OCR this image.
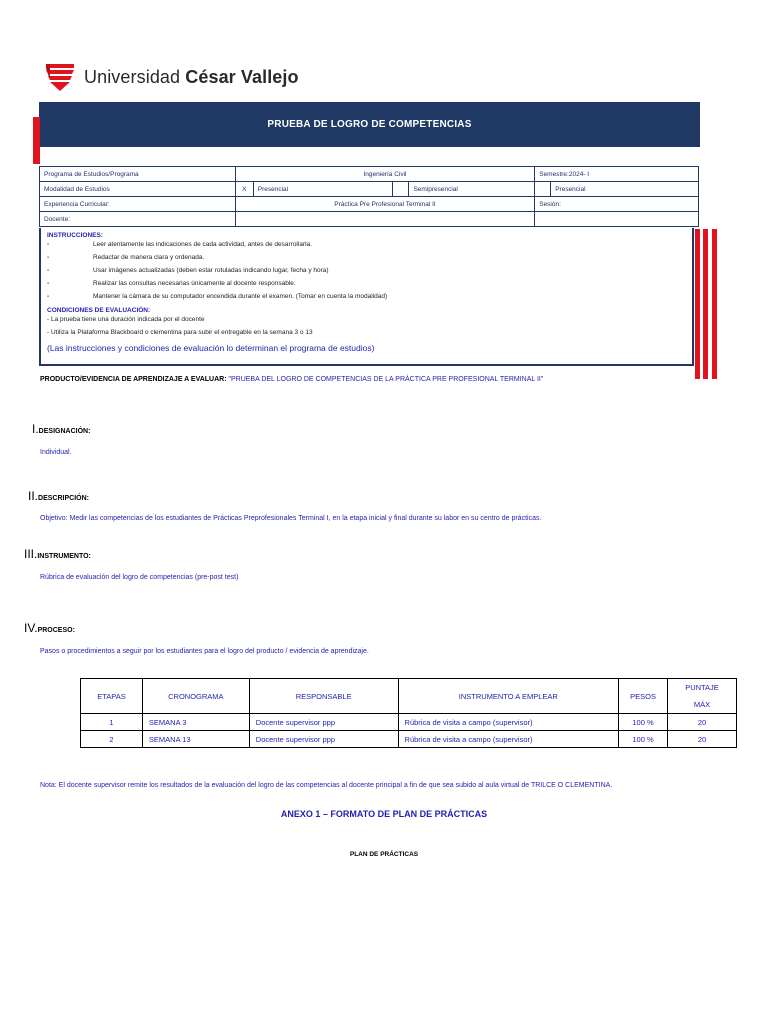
Universidad César Vallejo
PRUEBA DE LOGRO DE COMPETENCIAS
Programa de Estudios/Programa	Ingeniería Civil				Semestre:2024- I	
Modalidad de Estudios	X	Presencial		Semipresencial		Presencial
Experiencia Curricular:	Práctica Pre Profesional Terminal II				Sesión:	
Docente:						
INSTRUCCIONES:
-	Leer atentamente las indicaciones de cada actividad, antes de desarrollarla.
-	Redactar de manera clara y ordenada.
-	Usar imágenes actualizadas (deben estar rotuladas indicando lugar, fecha y hora)
-	Realizar las consultas necesarias únicamente al docente responsable.
-	Mantener la cámara de su computador encendida durante el examen. (Tomar en cuenta la modalidad)
CONDICIONES DE EVALUACIÓN:
- La prueba tiene una duración indicada por el docente
- Utiliza la Plataforma Blackboard o clementina para subir el entregable en la semana 3 o 13
(Las instrucciones y condiciones de evaluación lo determinan el programa de estudios)
PRODUCTO/EVIDENCIA DE APRENDIZAJE A EVALUAR: "PRUEBA DEL LOGRO DE COMPETENCIAS DE LA PRÁCTICA PRE PROFESIONAL TERMINAL II"
I.DESIGNACIÓN:
Individual.
II.DESCRIPCIÓN:
Objetivo: Medir las competencias de los estudiantes de Prácticas Preprofesionales Terminal I, en la etapa inicial y final durante su labor en su centro de prácticas.
III.INSTRUMENTO:
Rúbrica de evaluación del logro de competencias (pre-post test)
IV.PROCESO:
Pasos o procedimientos a seguir por los estudiantes para el logro del producto / evidencia de aprendizaje.
ETAPAS	CRONOGRAMA	RESPONSABLE	INSTRUMENTO A EMPLEAR	PESOS	PUNTAJE
MÁX

1	SEMANA 3	Docente supervisor ppp	Rúbrica de visita a campo (supervisor)	100 %	20
2	SEMANA 13	Docente supervisor ppp	Rúbrica de visita a campo (supervisor)	100 %	20
Nota: El docente supervisor remite los resultados de la evaluación del logro de las competencias al docente principal a fin de que sea subido al aula virtual de TRILCE O CLEMENTINA.
ANEXO 1 – FORMATO DE PLAN DE PRÁCTICAS
PLAN DE PRÁCTICAS
